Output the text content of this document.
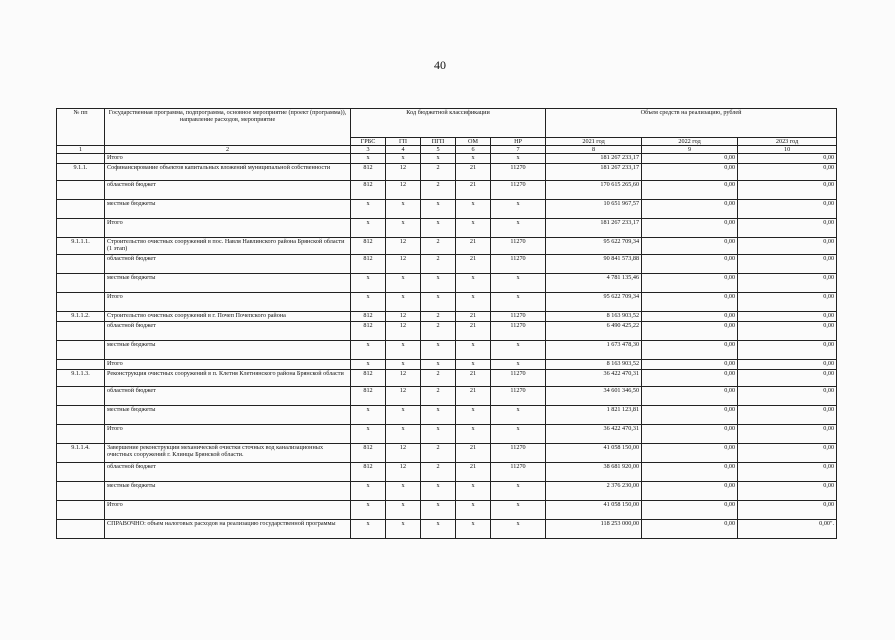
40
№ пп	Государственная программа, подпрограмма, основное мероприятие (проект (программа)), направление расходов, мероприятие	Код бюджетной классификации					Объем средств на реализацию, рублей		
		ГРБС	ГП	ПГП	ОМ	НР	2021 год	2022 год	2023 год
1	2	3	4	5	6	7	8	9	10
	Итого	х	х	х	х	х	181 267 233,17	0,00	0,00
9.1.1.	Софинансирование объектов капитальных вложений муниципальной собственности	812	12	2	21	11270	181 267 233,17	0,00	0,00
	областной бюджет	812	12	2	21	11270	170 615 265,60	0,00	0,00
	местные бюджеты	х	х	х	х	х	10 651 967,57	0,00	0,00
	Итого	х	х	х	х	х	181 267 233,17	0,00	0,00
9.1.1.1.	Строительство очистных сооружений в пос. Навля Навлинского района Брянской области (1 этап)	812	12	2	21	11270	95 622 709,34	0,00	0,00
	областной бюджет	812	12	2	21	11270	90 841 573,88	0,00	0,00
	местные бюджеты	х	х	х	х	х	4 781 135,46	0,00	0,00
	Итого	х	х	х	х	х	95 622 709,34	0,00	0,00
9.1.1.2.	Строительство очистных сооружений в г. Почеп Почепского района	812	12	2	21	11270	8 163 903,52	0,00	0,00
	областной бюджет	812	12	2	21	11270	6 490 425,22	0,00	0,00
	местные бюджеты	х	х	х	х	х	1 673 478,30	0,00	0,00
	Итого	х	х	х	х	х	8 163 903,52	0,00	0,00
9.1.1.3.	Реконструкция очистных сооружений в п. Клетня Клетнянского района Брянской области	812	12	2	21	11270	36 422 470,31	0,00	0,00
	областной бюджет	812	12	2	21	11270	34 601 346,50	0,00	0,00
	местные бюджеты	х	х	х	х	х	1 821 123,81	0,00	0,00
	Итого	х	х	х	х	х	36 422 470,31	0,00	0,00
9.1.1.4.	Завершение реконструкции механической очистки сточных вод канализационных очистных сооружений г. Клинцы Брянской области.	812	12	2	21	11270	41 058 150,00	0,00	0,00
	областной бюджет	812	12	2	21	11270	38 681 920,00	0,00	0,00
	местные бюджеты	х	х	х	х	х	2 376 230,00	0,00	0,00
	Итого	х	х	х	х	х	41 058 150,00	0,00	0,00
	СПРАВОЧНО: объем налоговых расходов на реализацию государственной программы	х	х	х	х	х	118 253 000,00	0,00	0,00".
